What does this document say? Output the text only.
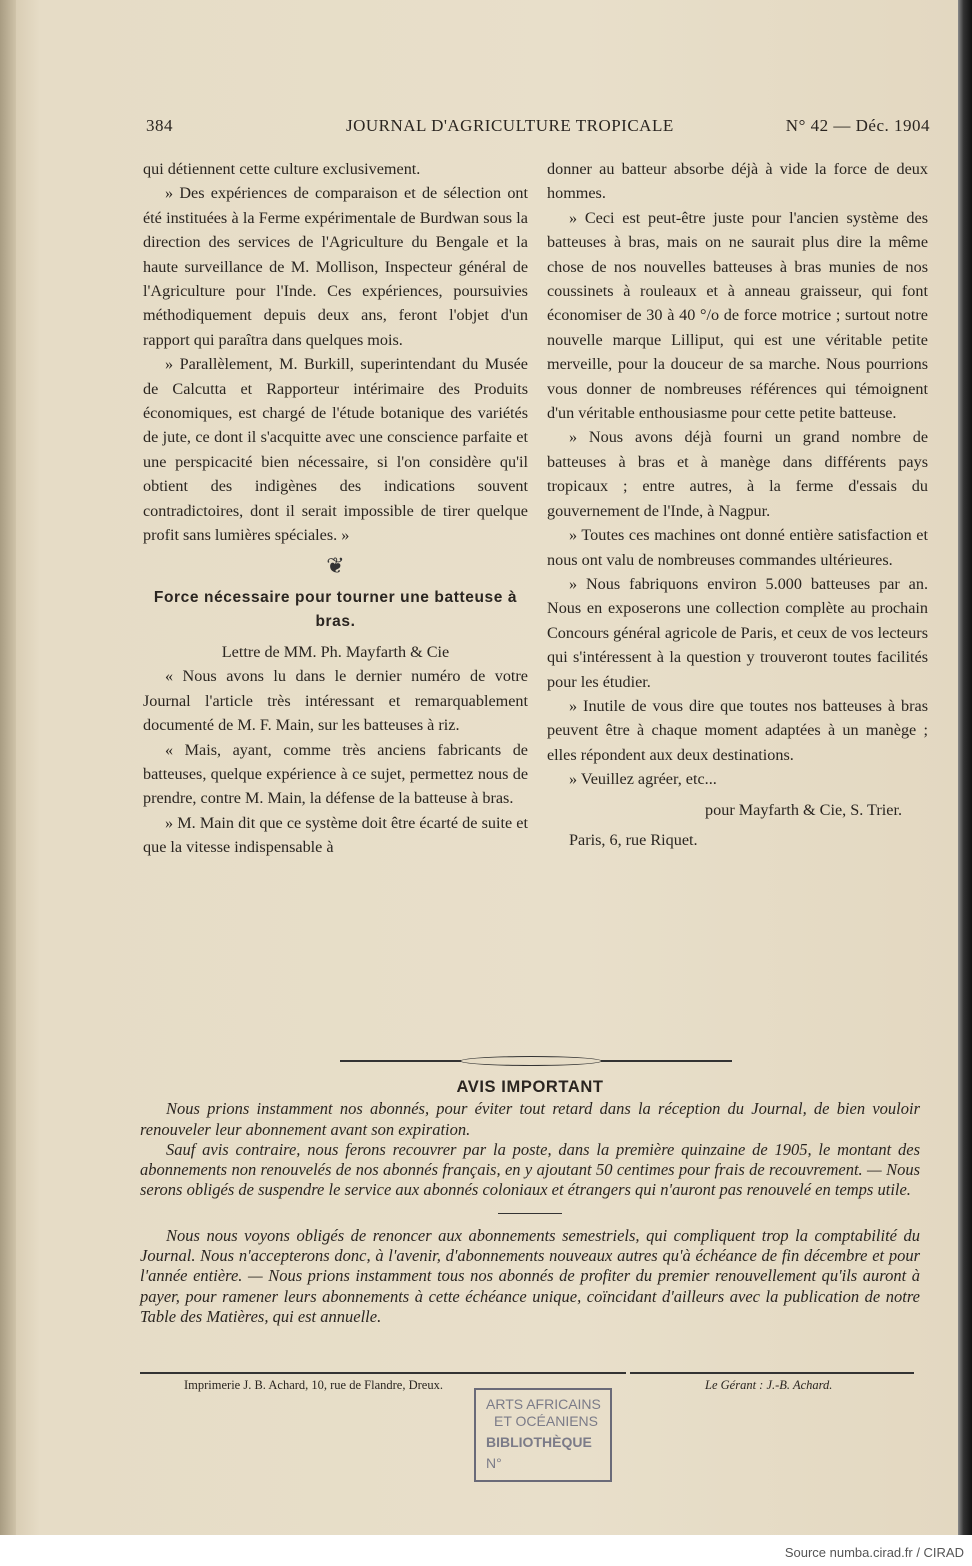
384	JOURNAL D'AGRICULTURE TROPICALE	N° 42 — Déc. 1904

qui détiennent cette culture exclusivement.

» Des expériences de comparaison et de sélection ont été instituées à la Ferme expérimentale de Burdwan sous la direction des services de l'Agriculture du Bengale et la haute surveillance de M. Mollison, Inspecteur général de l'Agriculture pour l'Inde. Ces expériences, poursuivies méthodiquement depuis deux ans, feront l'objet d'un rapport qui paraîtra dans quelques mois.

» Parallèlement, M. Burkill, superintendant du Musée de Calcutta et Rapporteur intérimaire des Produits économiques, est chargé de l'étude botanique des variétés de jute, ce dont il s'acquitte avec une conscience parfaite et une perspicacité bien nécessaire, si l'on considère qu'il obtient des indigènes des indications souvent contradictoires, dont il serait impossible de tirer quelque profit sans lumières spéciales. »

❦
Force nécessaire pour tourner une batteuse à bras.

Lettre de MM. Ph. Mayfarth & Cie

« Nous avons lu dans le dernier numéro de votre Journal l'article très intéressant et remarquablement documenté de M. F. Main, sur les batteuses à riz.

« Mais, ayant, comme très anciens fabricants de batteuses, quelque expérience à ce sujet, permettez nous de prendre, contre M. Main, la défense de la batteuse à bras.

» M. Main dit que ce système doit être écarté de suite et que la vitesse indispensable à

donner au batteur absorbe déjà à vide la force de deux hommes.

» Ceci est peut-être juste pour l'ancien système des batteuses à bras, mais on ne saurait plus dire la même chose de nos nouvelles batteuses à bras munies de nos coussinets à rouleaux et à anneau graisseur, qui font économiser de 30 à 40 °/o de force motrice ; surtout notre nouvelle marque Lilliput, qui est une véritable petite merveille, pour la douceur de sa marche. Nous pourrions vous donner de nombreuses références qui témoignent d'un véritable enthousiasme pour cette petite batteuse.

» Nous avons déjà fourni un grand nombre de batteuses à bras et à manège dans différents pays tropicaux ; entre autres, à la ferme d'essais du gouvernement de l'Inde, à Nagpur.

» Toutes ces machines ont donné entière satisfaction et nous ont valu de nombreuses commandes ultérieures.

» Nous fabriquons environ 5.000 batteuses par an. Nous en exposerons une collection complète au prochain Concours général agricole de Paris, et ceux de vos lecteurs qui s'intéressent à la question y trouveront toutes facilités pour les étudier.

» Inutile de vous dire que toutes nos batteuses à bras peuvent être à chaque moment adaptées à un manège ; elles répondent aux deux destinations.

» Veuillez agréer, etc...

pour Mayfarth & Cie, S. Trier.

Paris, 6, rue Riquet.

AVIS IMPORTANT

Nous prions instamment nos abonnés, pour éviter tout retard dans la réception du Journal, de bien vouloir renouveler leur abonnement avant son expiration.

Sauf avis contraire, nous ferons recouvrer par la poste, dans la première quinzaine de 1905, le montant des abonnements non renouvelés de nos abonnés français, en y ajoutant 50 centimes pour frais de recouvrement. — Nous serons obligés de suspendre le service aux abonnés coloniaux et étrangers qui n'auront pas renouvelé en temps utile.

Nous nous voyons obligés de renoncer aux abonnements semestriels, qui compliquent trop la comptabilité du Journal. Nous n'accepterons donc, à l'avenir, d'abonnements nouveaux autres qu'à échéance de fin décembre et pour l'année entière. — Nous prions instamment tous nos abonnés de profiter du premier renouvellement qu'ils auront à payer, pour ramener leurs abonnements à cette échéance unique, coïncidant d'ailleurs avec la publication de notre Table des Matières, qui est annuelle.

Imprimerie J. B. Achard, 10, rue de Flandre, Dreux.	Le Gérant : J.-B. Achard.
ARTS AFRICAINS
ET OCÉANIENS
BIBLIOTHÈQUE
N°
Source numba.cirad.fr / CIRAD
